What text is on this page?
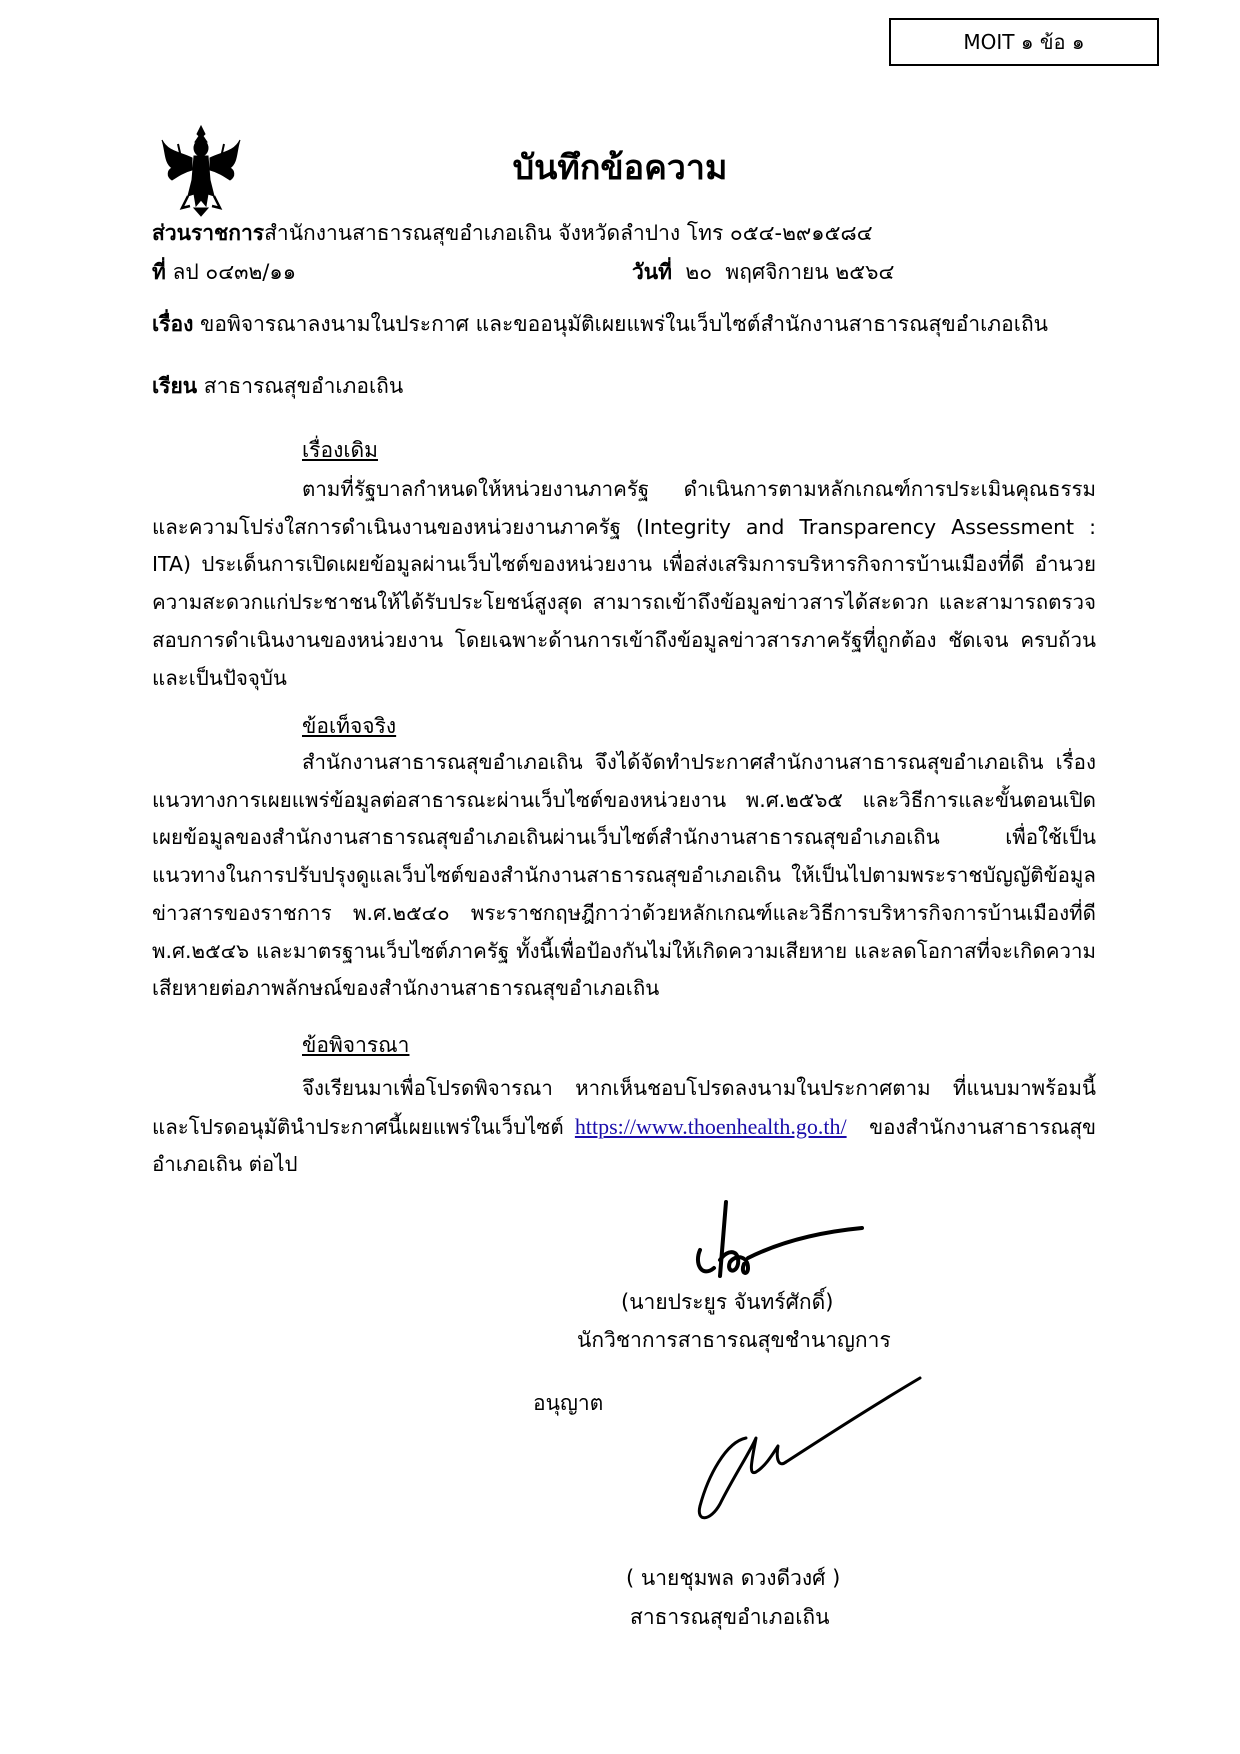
MOIT ๑ ข้อ ๑
บันทึกข้อความ
ส่วนราชการสำนักงานสาธารณสุขอำเภอเถิน จังหวัดลำปาง โทร ๐๕๔-๒๙๑๕๘๔
ที่ ลป ๐๔๓๒/๑๑	วันที่  ๒๐  พฤศจิกายน ๒๕๖๔
เรื่อง ขอพิจารณาลงนามในประกาศ และขออนุมัติเผยแพร่ในเว็บไซต์สำนักงานสาธารณสุขอำเภอเถิน
เรียน สาธารณสุขอำเภอเถิน
เรื่องเดิม
ตามที่รัฐบาลกำหนดให้หน่วยงานภาครัฐ ดำเนินการตามหลักเกณฑ์การประเมินคุณธรรมและความโปร่งใสการดำเนินงานของหน่วยงานภาครัฐ (Integrity and Transparency Assessment : ITA) ประเด็นการเปิดเผยข้อมูลผ่านเว็บไซต์ของหน่วยงาน เพื่อส่งเสริมการบริหารกิจการบ้านเมืองที่ดี อำนวยความสะดวกแก่ประชาชนให้ได้รับประโยชน์สูงสุด สามารถเข้าถึงข้อมูลข่าวสารได้สะดวก และสามารถตรวจสอบการดำเนินงานของหน่วยงาน โดยเฉพาะด้านการเข้าถึงข้อมูลข่าวสารภาครัฐที่ถูกต้อง ชัดเจน ครบถ้วน และเป็นปัจจุบัน
ข้อเท็จจริง
สำนักงานสาธารณสุขอำเภอเถิน จึงได้จัดทำประกาศสำนักงานสาธารณสุขอำเภอเถิน เรื่อง แนวทางการเผยแพร่ข้อมูลต่อสาธารณะผ่านเว็บไซต์ของหน่วยงาน พ.ศ.๒๕๖๕ และวิธีการและขั้นตอนเปิดเผยข้อมูลของสำนักงานสาธารณสุขอำเภอเถินผ่านเว็บไซต์สำนักงานสาธารณสุขอำเภอเถิน เพื่อใช้เป็นแนวทางในการปรับปรุงดูแลเว็บไซต์ของสำนักงานสาธารณสุขอำเภอเถิน ให้เป็นไปตามพระราชบัญญัติข้อมูลข่าวสารของราชการ พ.ศ.๒๕๔๐ พระราชกฤษฎีกาว่าด้วยหลักเกณฑ์และวิธีการบริหารกิจการบ้านเมืองที่ดี พ.ศ.๒๕๔๖ และมาตรฐานเว็บไซต์ภาครัฐ ทั้งนี้เพื่อป้องกันไม่ให้เกิดความเสียหาย และลดโอกาสที่จะเกิดความเสียหายต่อภาพลักษณ์ของสำนักงานสาธารณสุขอำเภอเถิน
ข้อพิจารณา
จึงเรียนมาเพื่อโปรดพิจารณา หากเห็นชอบโปรดลงนามในประกาศตาม ที่แนบมาพร้อมนี้ และโปรดอนุมัตินำประกาศนี้เผยแพร่ในเว็บไซต์ https://www.thoenhealth.go.th/  ของสำนักงานสาธารณสุขอำเภอเถิน ต่อไป
(นายประยูร จันทร์ศักดิ์)
นักวิชาการสาธารณสุขชำนาญการ
อนุญาต
( นายชุมพล ดวงดีวงศ์ )
สาธารณสุขอำเภอเถิน
